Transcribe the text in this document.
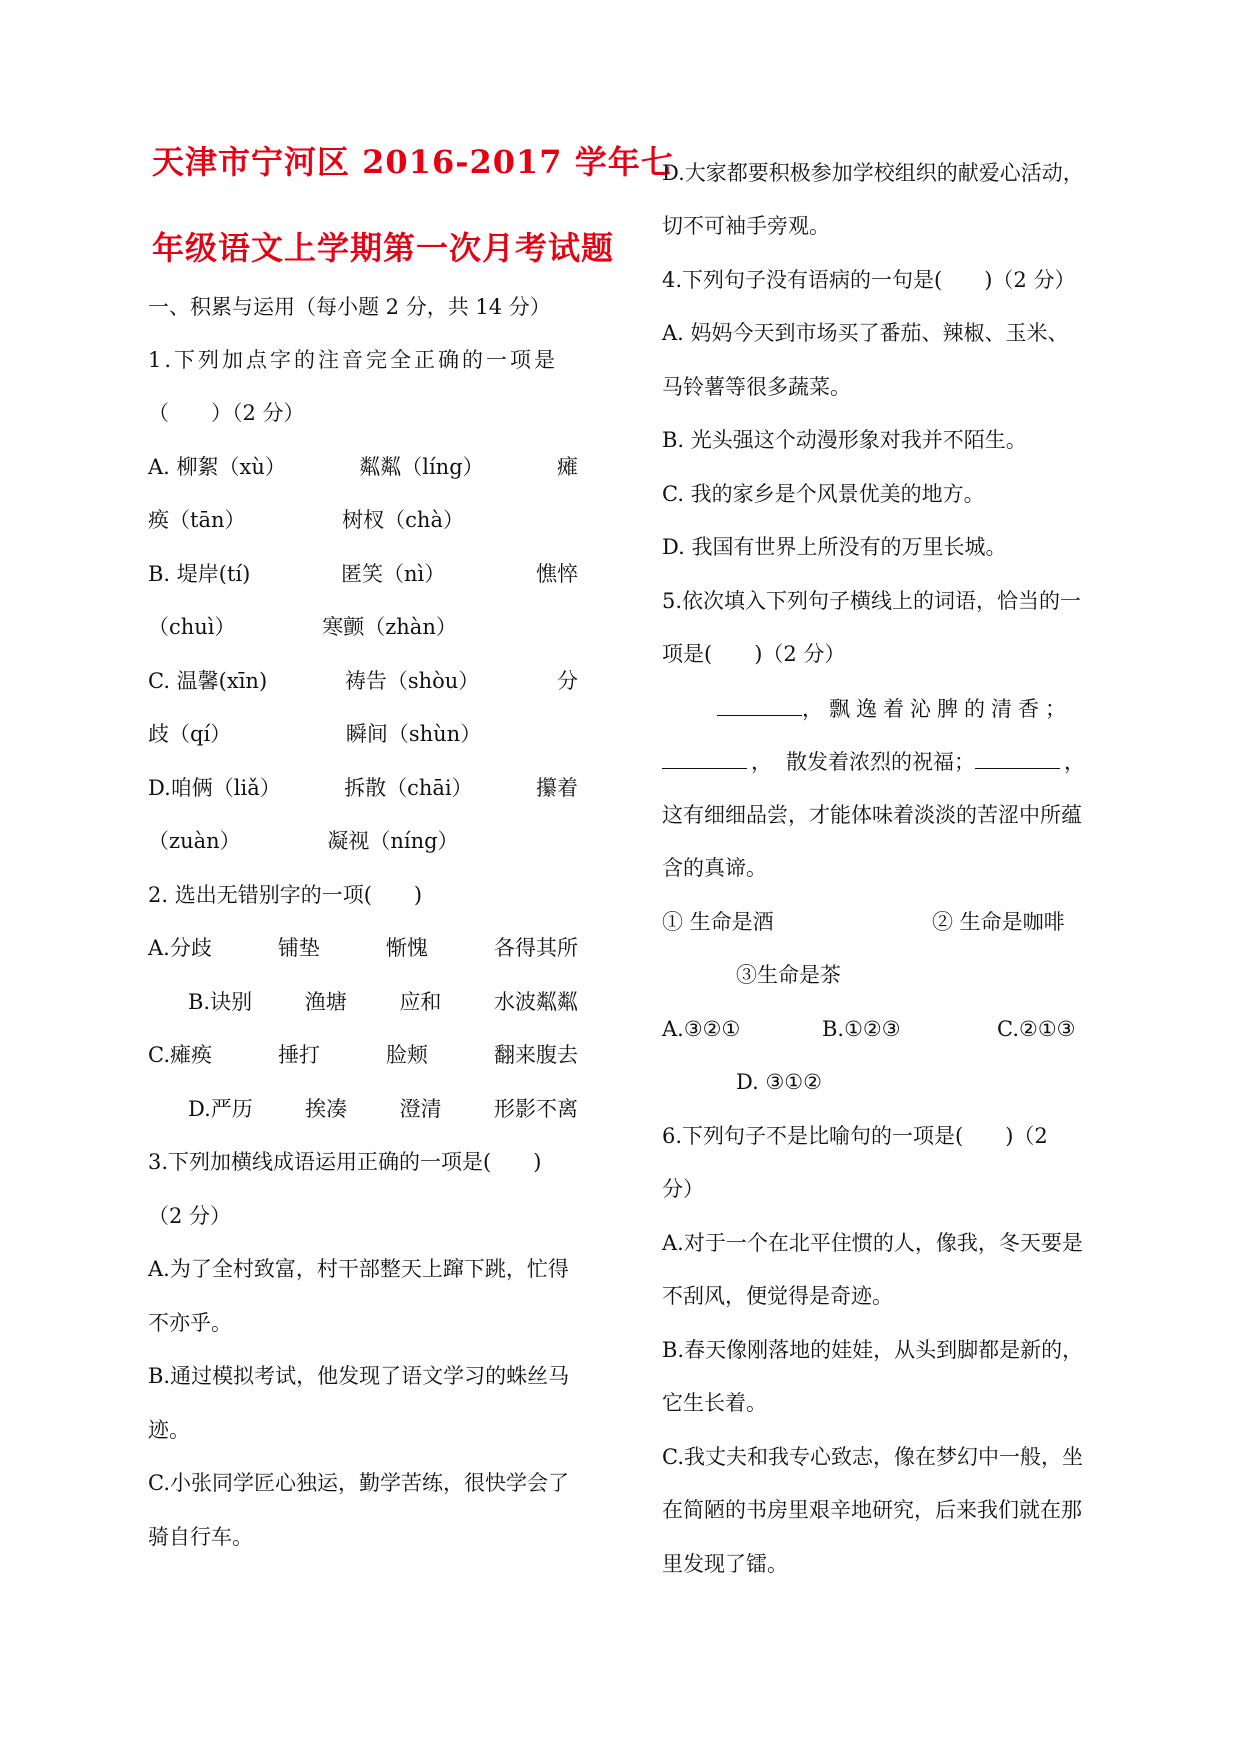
天津市宁河区 2016-2017 学年七
年级语文上学期第一次月考试题
一、积累与运用（每小题 2 分，共 14 分）
1.下列加点字的注音完全正确的一项是
（　　）（2 分）
A. 柳絮（xù）	粼粼（líng）	瘫
痪（tān）	树杈（chà）
B. 堤岸(tí)	匿笑（nì）	憔悴
（chuì）	寒颤（zhàn）
C. 温馨(xīn)	祷告（shòu）	分
歧（qí）	瞬间（shùn）
D.咱俩（liǎ）	拆散（chāi）	攥着
（zuàn）	凝视（níng）
2. 选出无错别字的一项(　　)
A.分歧	铺垫	惭愧	各得其所
B.诀别	渔塘	应和	水波粼粼
C.瘫痪	捶打	脸颊	翻来腹去
D.严历 挨凑 澄清 形影不离
3.下列加横线成语运用正确的一项是(　　)
（2 分）
A.为了全村致富，村干部整天上蹿下跳，忙得
不亦乎。
B.通过模拟考试，他发现了语文学习的蛛丝马
迹。
C.小张同学匠心独运，勤学苦练，很快学会了
骑自行车。
D.大家都要积极参加学校组织的献爱心活动，
切不可袖手旁观。
4.下列句子没有语病的一句是(　　)（2 分）
A. 妈妈今天到市场买了番茄、辣椒、玉米、
马铃薯等很多蔬菜。
B. 光头强这个动漫形象对我并不陌生。
C. 我的家乡是个风景优美的地方。
D. 我国有世界上所没有的万里长城。
5.依次填入下列句子横线上的词语，恰当的一
项是(　　)（2 分）
，飘逸着沁脾的清香；
， 散发着浓烈的祝福；	，
这有细细品尝，才能体味着淡淡的苦涩中所蕴
含的真谛。
① 生命是酒	② 生命是咖啡
③生命是茶
A.③②①	B.①②③	C.②①③
D. ③①②
6.下列句子不是比喻句的一项是(　　)（2
分）
A.对于一个在北平住惯的人，像我，冬天要是
不刮风，便觉得是奇迹。
B.春天像刚落地的娃娃，从头到脚都是新的，
它生长着。
C.我丈夫和我专心致志，像在梦幻中一般，坐
在简陋的书房里艰辛地研究，后来我们就在那
里发现了镭。
